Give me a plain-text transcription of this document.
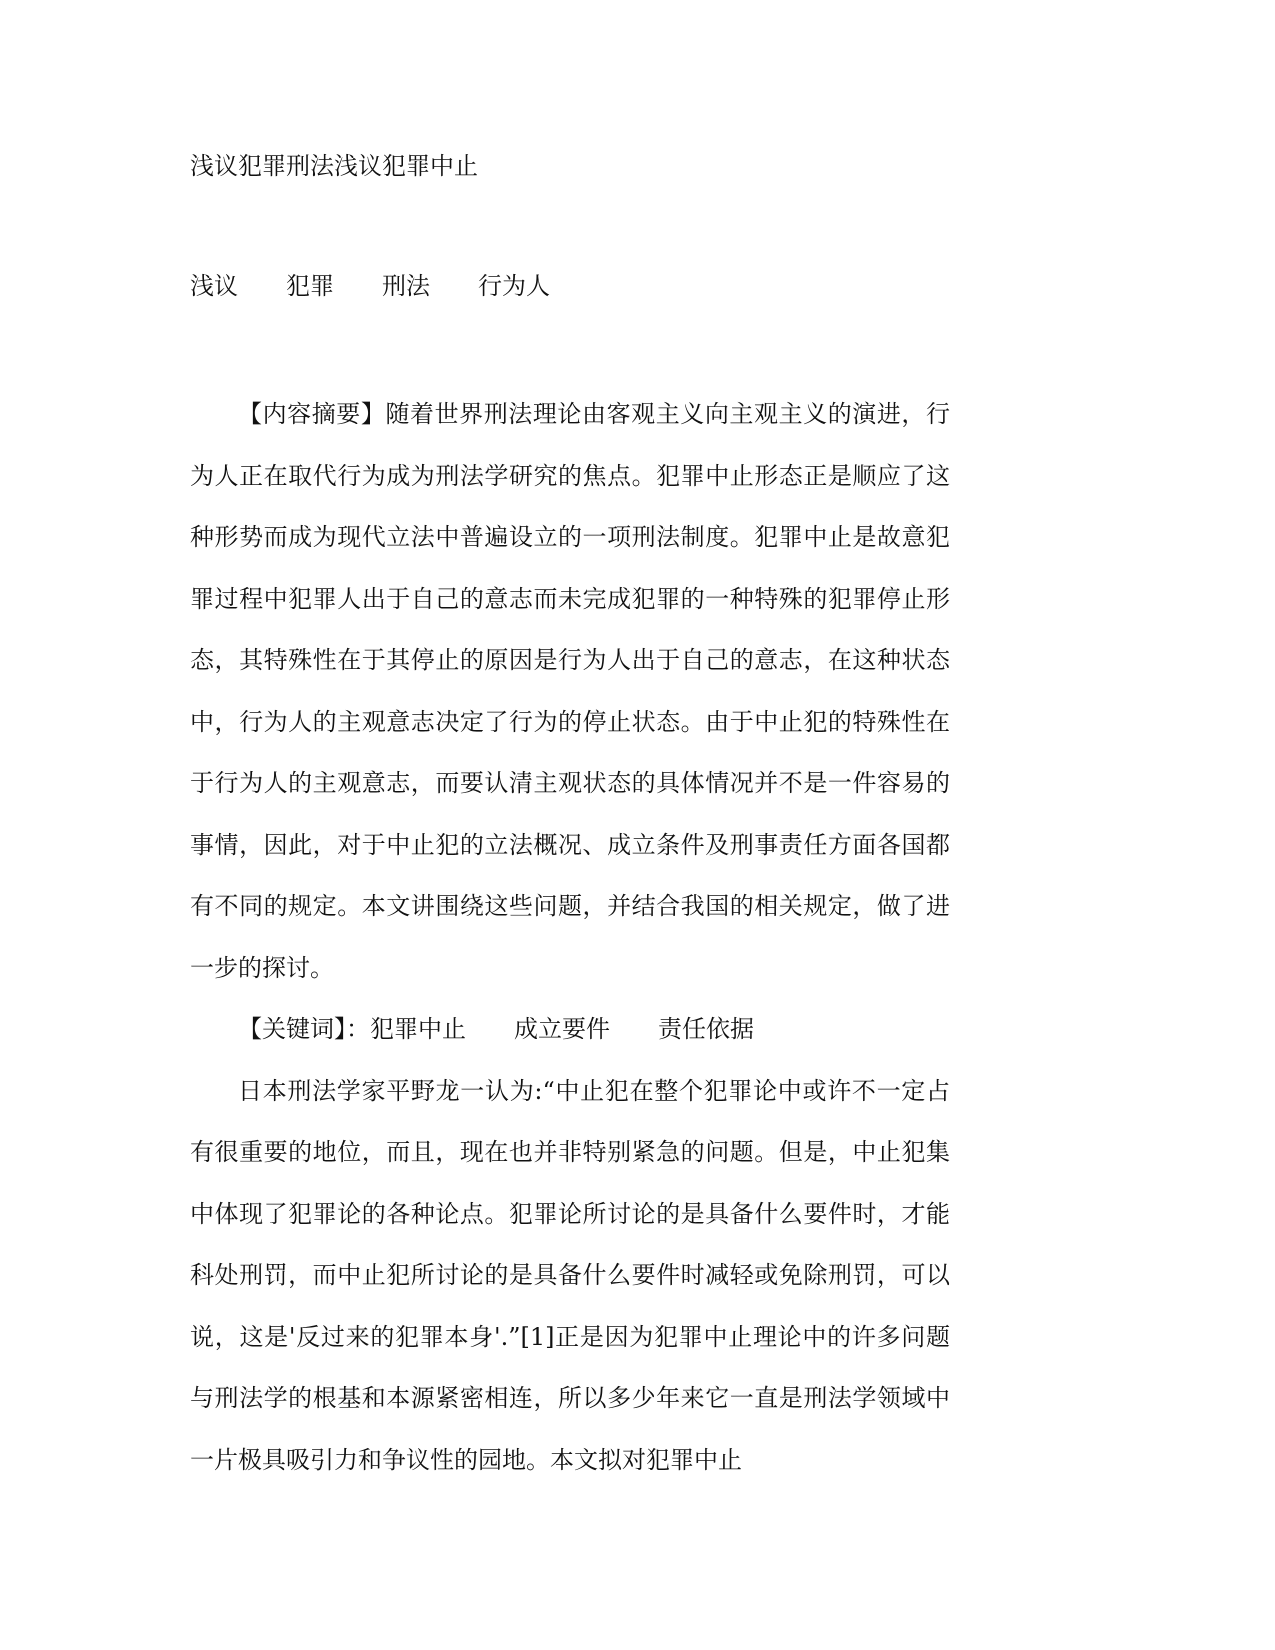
浅议犯罪刑法浅议犯罪中止
浅议 犯罪 刑法 行为人

【内容摘要】随着世界刑法理论由客观主义向主观主义的演进，行为人正在取代行为成为刑法学研究的焦点。犯罪中止形态正是顺应了这种形势而成为现代立法中普遍设立的一项刑法制度。犯罪中止是故意犯罪过程中犯罪人出于自己的意志而未完成犯罪的一种特殊的犯罪停止形态，其特殊性在于其停止的原因是行为人出于自己的意志，在这种状态中，行为人的主观意志决定了行为的停止状态。由于中止犯的特殊性在于行为人的主观意志，而要认清主观状态的具体情况并不是一件容易的事情，因此，对于中止犯的立法概况、成立条件及刑事责任方面各国都有不同的规定。本文讲围绕这些问题，并结合我国的相关规定，做了进一步的探讨。

【关键词】：犯罪中止 成立要件 责任依据

日本刑法学家平野龙一认为:“中止犯在整个犯罪论中或许不一定占有很重要的地位，而且，现在也并非特别紧急的问题。但是，中止犯集中体现了犯罪论的各种论点。犯罪论所讨论的是具备什么要件时，才能科处刑罚，而中止犯所讨论的是具备什么要件时减轻或免除刑罚，可以说，这是'反过来的犯罪本身'.”[1]正是因为犯罪中止理论中的许多问题与刑法学的根基和本源紧密相连，所以多少年来它一直是刑法学领域中一片极具吸引力和争议性的园地。本文拟对犯罪中止
